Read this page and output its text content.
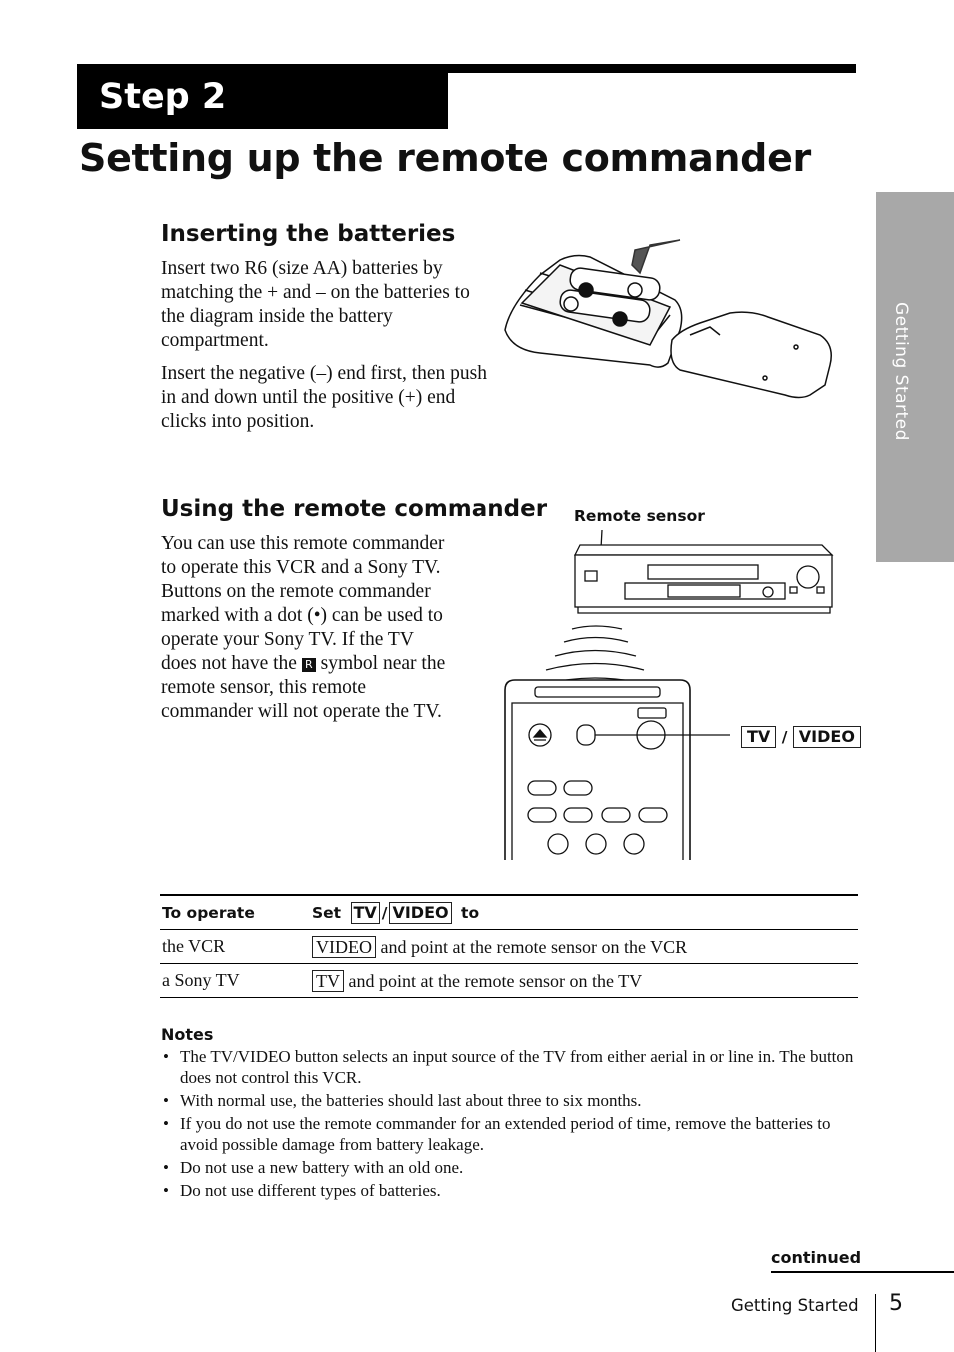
Step 2
Setting up the remote commander
Getting Started
Inserting the batteries

Insert two R6 (size AA) batteries by matching the + and – on the batteries to the diagram inside the battery compartment.

Insert the negative (–) end first, then push in and down until the positive (+) end clicks into position.

Using the remote commander

You can use this remote commander to operate this VCR and a Sony TV. Buttons on the remote commander marked with a dot (•) can be used to operate your Sony TV. If the TV does not have the R symbol near the remote sensor, this remote commander will not operate the TV.

Remote sensor
TV / VIDEO
To operate	Set TV / VIDEO to
the VCR	VIDEO and point at the remote sensor on the VCR
a Sony TV	TV and point at the remote sensor on the TV
Notes
• The TV/VIDEO button selects an input source of the TV from either aerial in or line in. The button does not control this VCR.
• With normal use, the batteries should last about three to six months.
• If you do not use the remote commander for an extended period of time, remove the batteries to avoid possible damage from battery leakage.
• Do not use a new battery with an old one.
• Do not use different types of batteries.
continued
Getting Started 5
